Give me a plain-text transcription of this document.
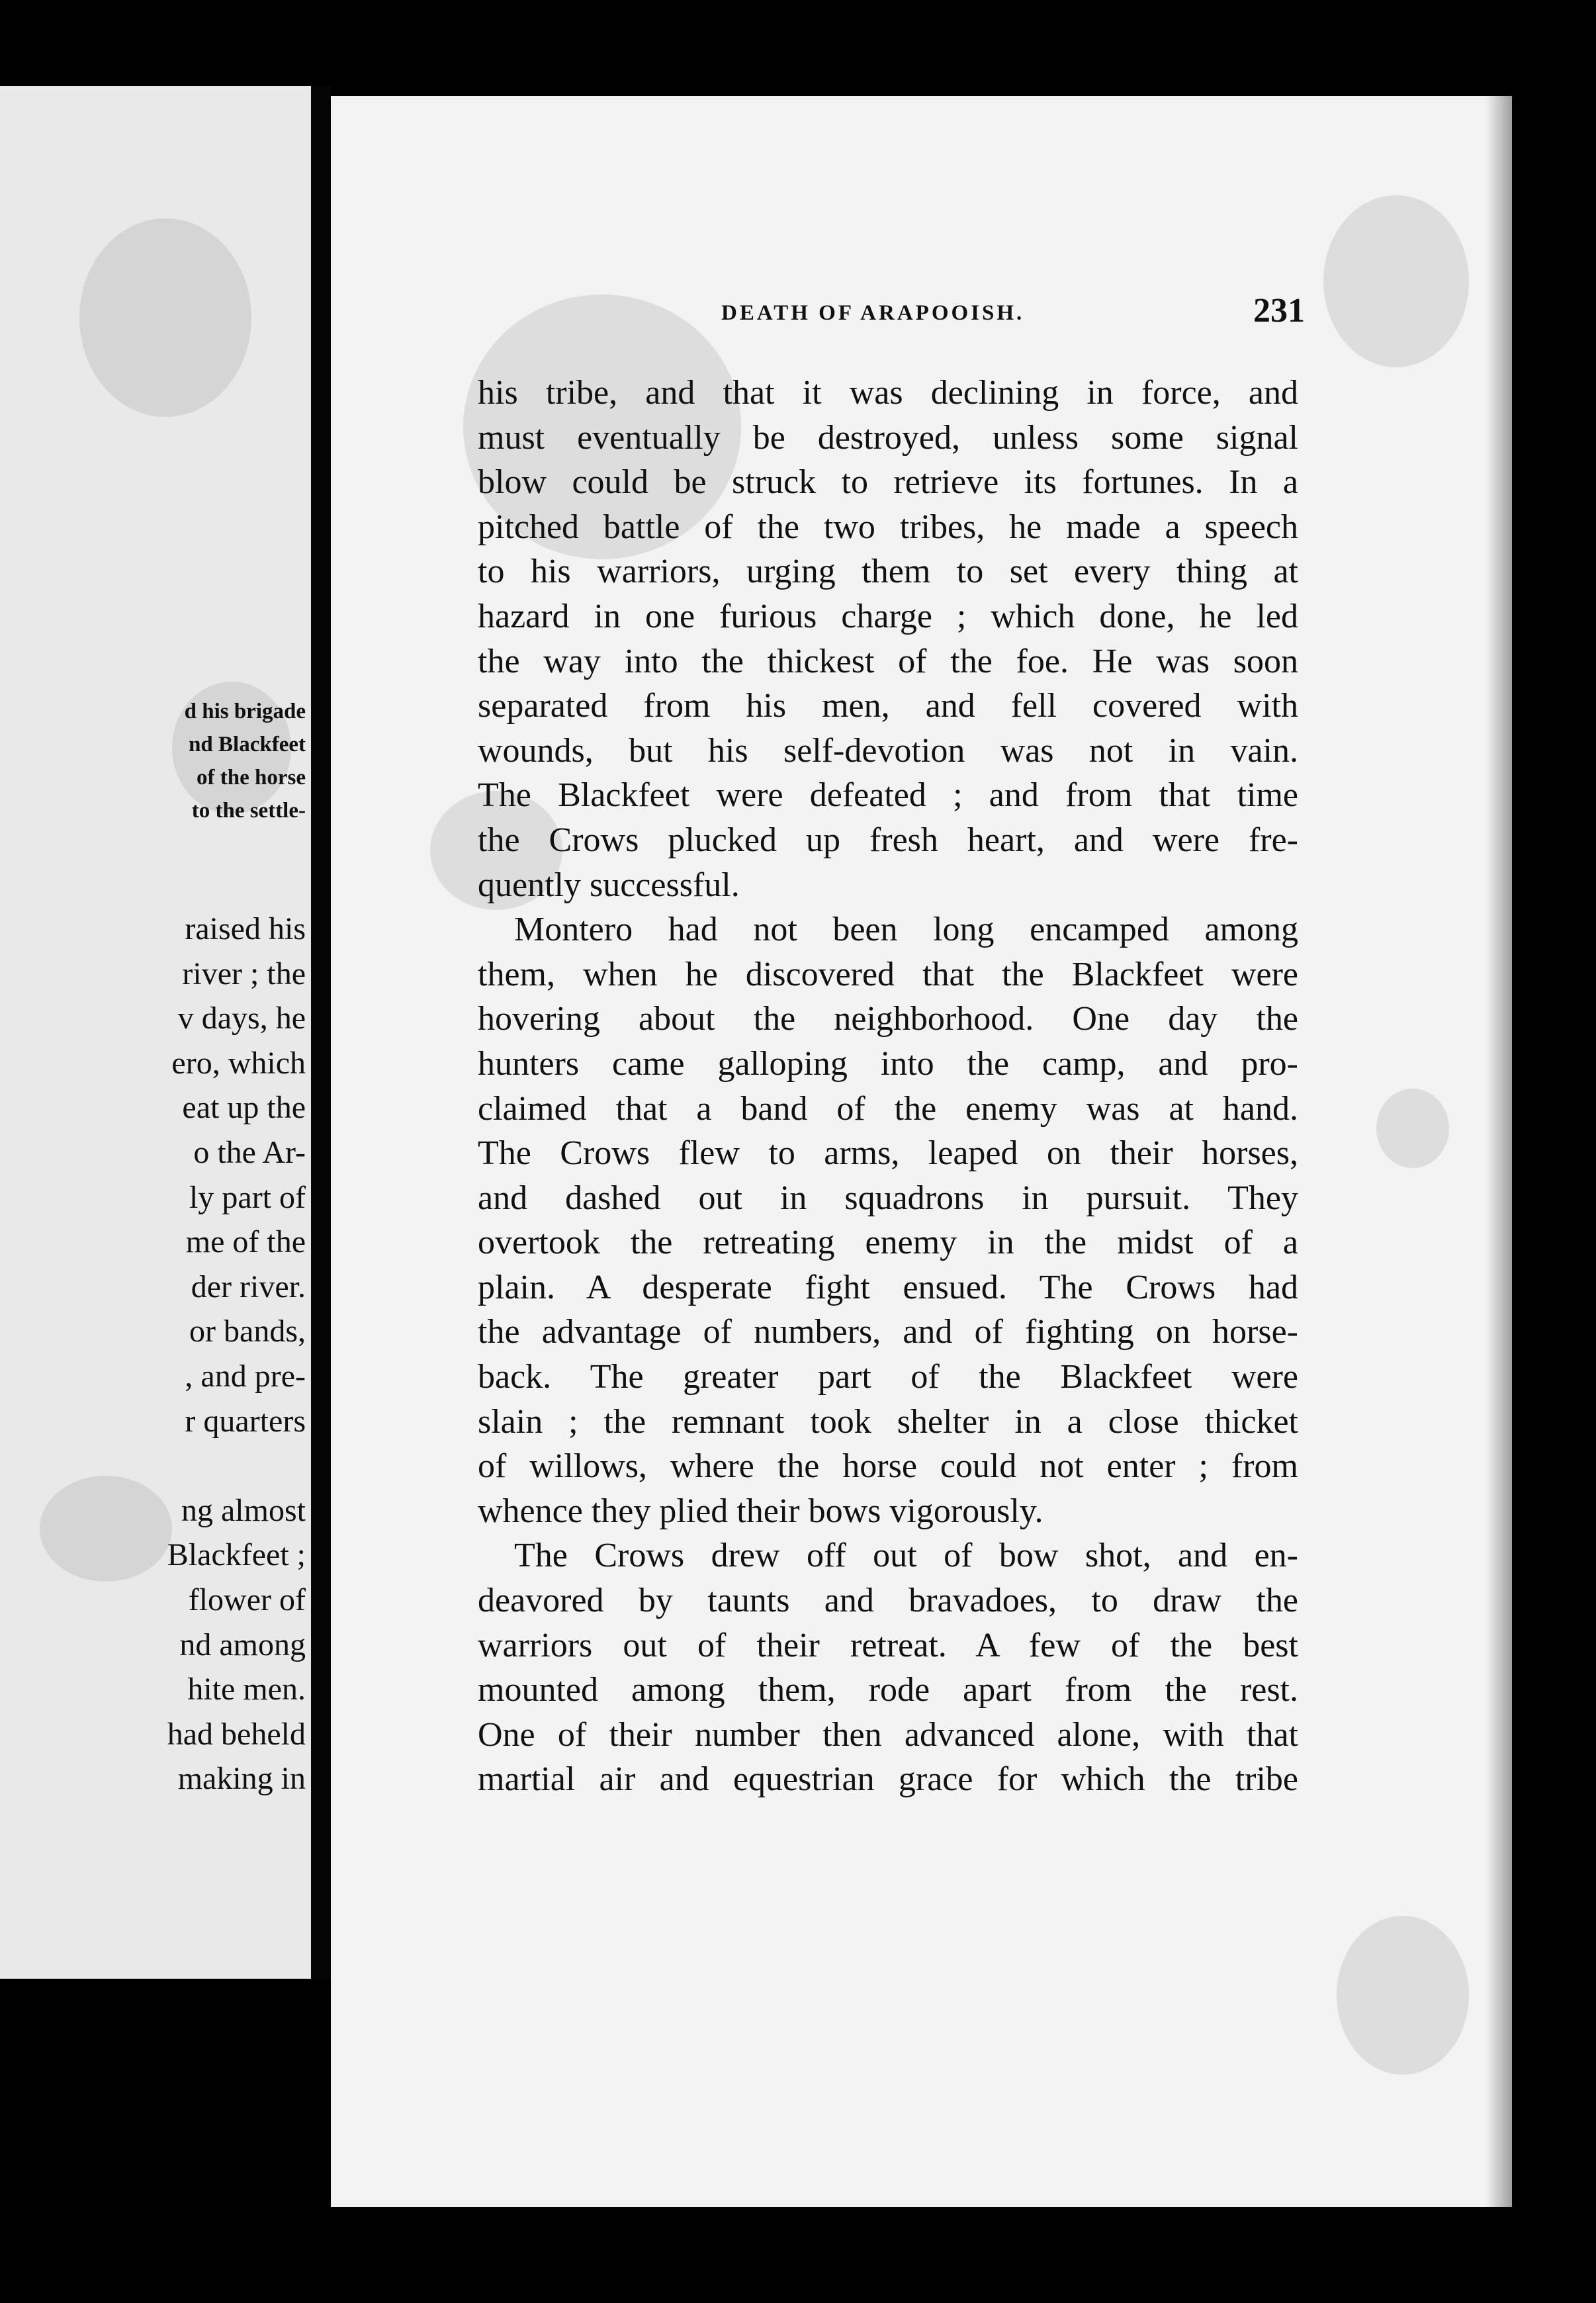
d his brigade
nd Blackfeet
of the horse
to the settle-
raised his
river ; the
v days, he
ero, which
eat up the
o the Ar-
ly part of
me of the
der river.
or bands,
, and pre-
r quarters
ng almost
Blackfeet ;
flower of
nd among
hite men.
had beheld
making in
DEATH OF ARAPOOISH.	231
his tribe, and that it was declining in force, and
must eventually be destroyed, unless some signal
blow could be struck to retrieve its fortunes. In a
pitched battle of the two tribes, he made a speech
to his warriors, urging them to set every thing at
hazard in one furious charge ; which done, he led
the way into the thickest of the foe. He was soon
separated from his men, and fell covered with
wounds, but his self-devotion was not in vain.
The Blackfeet were defeated ; and from that time
the Crows plucked up fresh heart, and were fre-
quently successful.
Montero had not been long encamped among
them, when he discovered that the Blackfeet were
hovering about the neighborhood. One day the
hunters came galloping into the camp, and pro-
claimed that a band of the enemy was at hand.
The Crows flew to arms, leaped on their horses,
and dashed out in squadrons in pursuit. They
overtook the retreating enemy in the midst of a
plain. A desperate fight ensued. The Crows had
the advantage of numbers, and of fighting on horse-
back. The greater part of the Blackfeet were
slain ; the remnant took shelter in a close thicket
of willows, where the horse could not enter ; from
whence they plied their bows vigorously.
The Crows drew off out of bow shot, and en-
deavored by taunts and bravadoes, to draw the
warriors out of their retreat. A few of the best
mounted among them, rode apart from the rest.
One of their number then advanced alone, with that
martial air and equestrian grace for which the tribe
